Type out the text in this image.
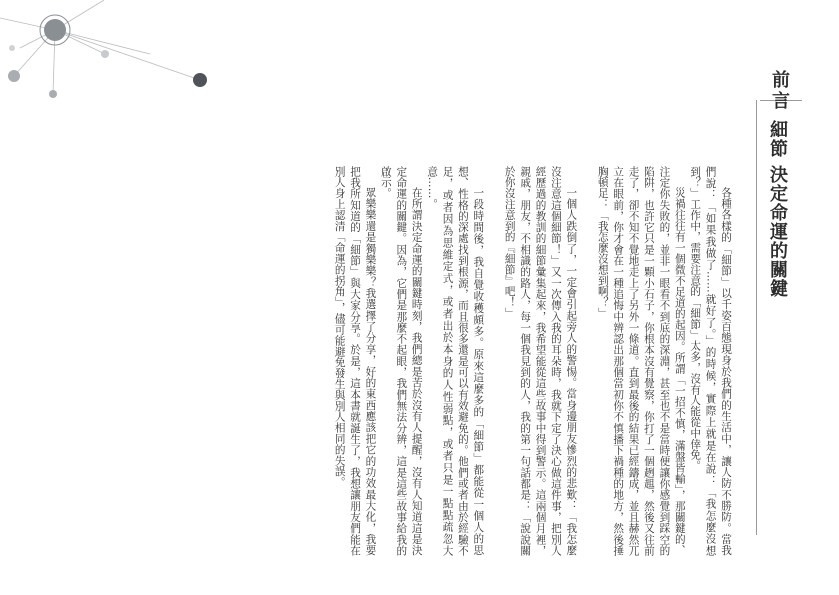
前言
細節 決定命運的關鍵

各種各樣的「細節」以千姿百態現身於我們的生活中，讓人防不勝防。當我們說：「如果我做了……就好了。」的時候，實際上就是在說：「我怎麼沒想到？」工作中，需要注意的「細節」太多，沒有人能從中倖免。

災禍往往有一個微不足道的起因。所謂「一招不慎，滿盤皆輸」，那關鍵的、注定你失敗的，並非一眼看不到底的深淵，甚至也不是當時便讓你感覺到踩空的陷阱，也許它只是一顆小石子，你根本沒有覺察，你打了一個趔趄，然後又往前走了，卻不知不覺地走上了另外一條道。直到最後的結果已經鑄成，並且赫然兀立在眼前，你才會在一種追悔中辨認出那個當初你不慎播下禍種的地方，然後捶胸頓足：「我怎麼沒想到啊？」

一個人跌倒了，一定會引起旁人的警惕。當身邊朋友慘烈的悲歎：「我怎麼沒注意這個細節！」又一次傳入我的耳朵時，我就下定了決心做這件事，把別人經歷過的教訓的細節彙集起來，我希望能從這些故事中得到警示。這兩個月裡，親戚，朋友，不相識的路人，每一個我見到的人，我的第一句話都是：「說說關於你沒注意到的『細節』吧！」

一段時間後，我自覺收穫頗多。原來這麼多的「細節」都能從一個人的思想、性格的深處找到根源，而且很多還是可以有效避免的。他們或者由於經驗不足，或者因為思維定式，或者出於本身的人性弱點，或者只是一點點疏忽大意……。

在所謂決定命運的關鍵時刻，我們總是苦於沒有人提醒，沒有人知道這是決定命運的關鍵。因為，它們是那麼不起眼，我們無法分辨，這是這些故事給我的啟示。

眾樂樂還是獨樂樂？我選擇了分享，好的東西應該把它的功效最大化，我要把我所知道的「細節」與大家分享。於是，這本書就誕生了，我想讓朋友們能在別人身上認清「命運的拐角」，儘可能避免發生與別人相同的失誤。
